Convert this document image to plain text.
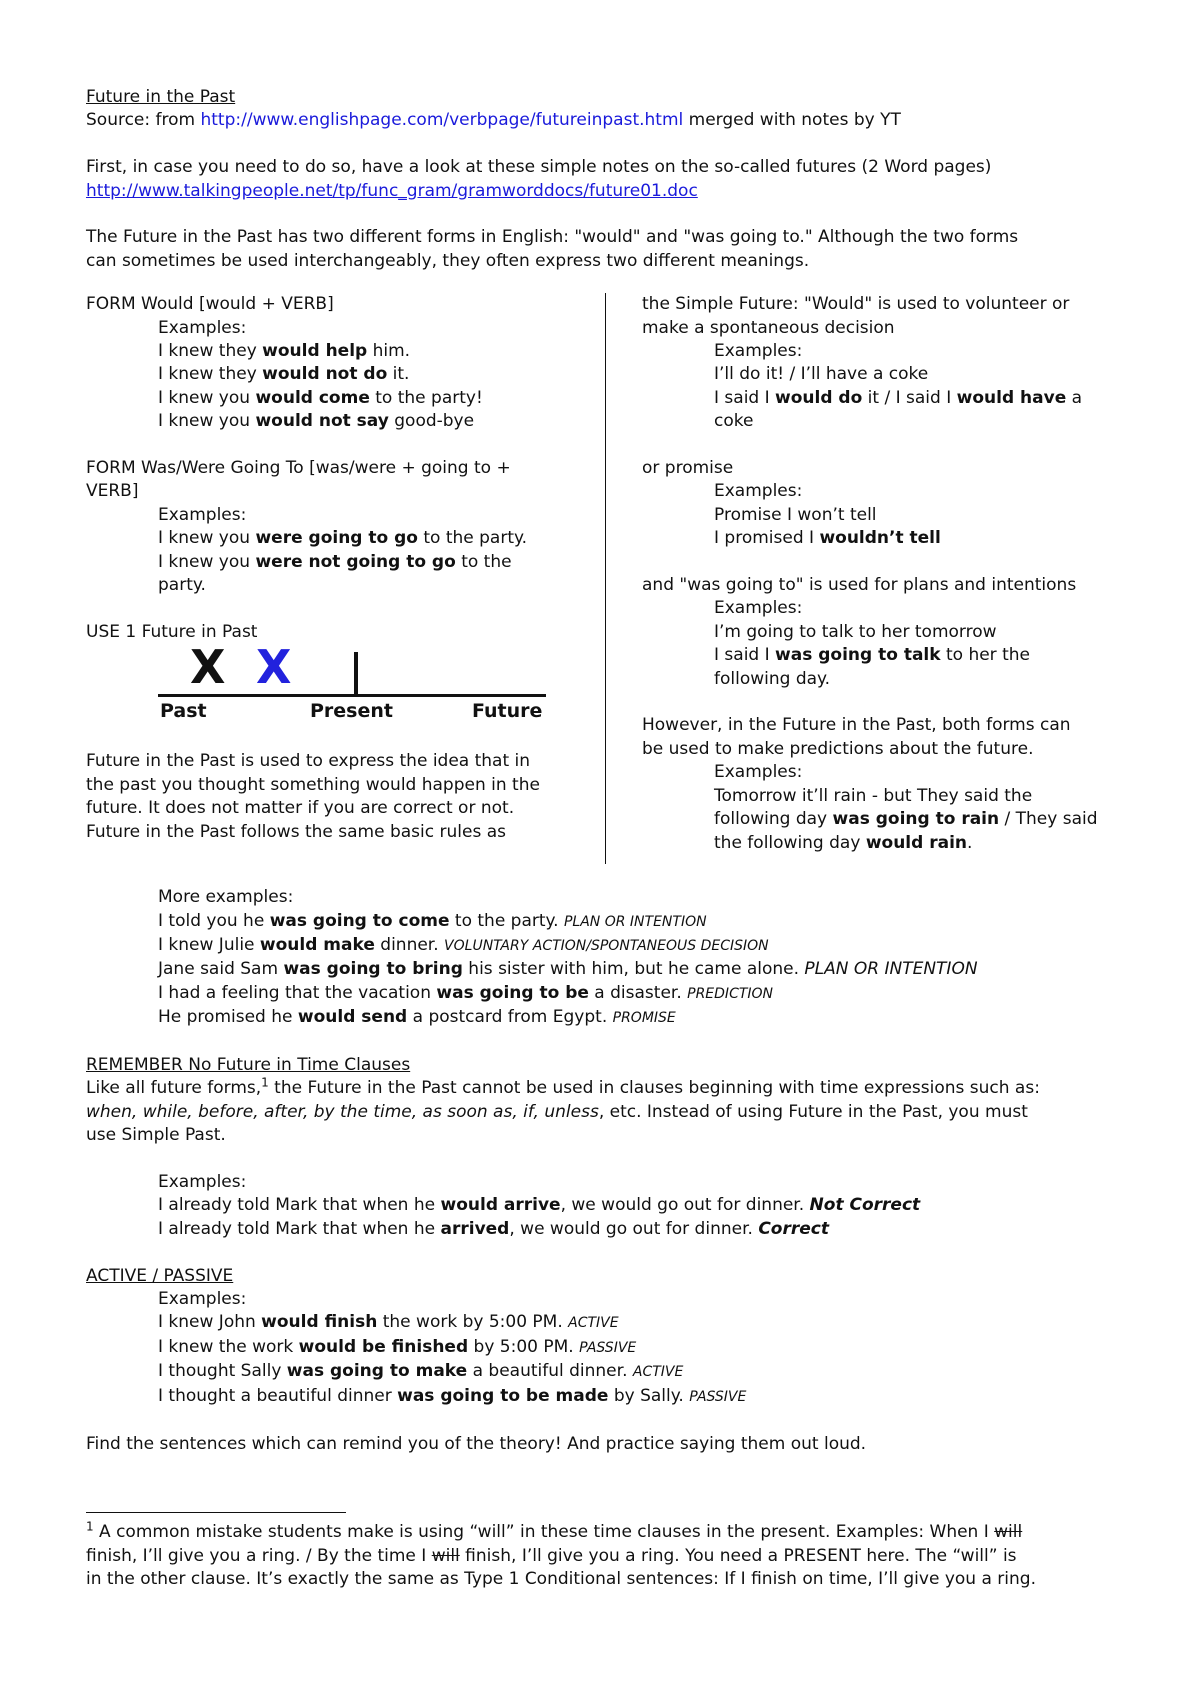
Future in the Past

Source: from http://www.englishpage.com/verbpage/futureinpast.html merged with notes by YT

First, in case you need to do so, have a look at these simple notes on the so-called futures (2 Word pages)

http://www.talkingpeople.net/tp/func_gram/gramworddocs/future01.doc

The Future in the Past has two different forms in English: "would" and "was going to." Although the two forms

can sometimes be used interchangeably, they often express two different meanings.

FORM Would [would + VERB]

Examples:

I knew they would help him.

I knew they would not do it.

I knew you would come to the party!

I knew you would not say good-bye

FORM Was/Were Going To [was/were + going to +

VERB]

Examples:

I knew you were going to go to the party.

I knew you were not going to go to the

party.

USE 1 Future in Past

X X
Past	Present	Future

Future in the Past is used to express the idea that in

the past you thought something would happen in the

future. It does not matter if you are correct or not.

Future in the Past follows the same basic rules as

the Simple Future: "Would" is used to volunteer or

make a spontaneous decision

Examples:

I’ll do it! / I’ll have a coke

I said I would do it / I said I would have a

coke

or promise

Examples:

Promise I won’t tell

I promised I wouldn’t tell

and "was going to" is used for plans and intentions

Examples:

I’m going to talk to her tomorrow

I said I was going to talk to her the

following day.

However, in the Future in the Past, both forms can

be used to make predictions about the future.

Examples:

Tomorrow it’ll rain - but They said the

following day was going to rain / They said

the following day would rain.

More examples:

I told you he was going to come to the party. PLAN OR INTENTION

I knew Julie would make dinner. VOLUNTARY ACTION/SPONTANEOUS DECISION

Jane said Sam was going to bring his sister with him, but he came alone. PLAN OR INTENTION

I had a feeling that the vacation was going to be a disaster. PREDICTION

He promised he would send a postcard from Egypt. PROMISE

REMEMBER No Future in Time Clauses

Like all future forms,$^1$ the Future in the Past cannot be used in clauses beginning with time expressions such as:

when, while, before, after, by the time, as soon as, if, unless, etc. Instead of using Future in the Past, you must

use Simple Past.

Examples:

I already told Mark that when he would arrive, we would go out for dinner. Not Correct

I already told Mark that when he arrived, we would go out for dinner. Correct

ACTIVE / PASSIVE

Examples:

I knew John would finish the work by 5:00 PM. ACTIVE

I knew the work would be finished by 5:00 PM. PASSIVE

I thought Sally was going to make a beautiful dinner. ACTIVE

I thought a beautiful dinner was going to be made by Sally. PASSIVE

Find the sentences which can remind you of the theory! And practice saying them out loud.

$^1$ A common mistake students make is using “will” in these time clauses in the present. Examples: When I will

finish, I’ll give you a ring. / By the time I will finish, I’ll give you a ring. You need a PRESENT here. The “will” is

in the other clause. It’s exactly the same as Type 1 Conditional sentences: If I finish on time, I’ll give you a ring.
